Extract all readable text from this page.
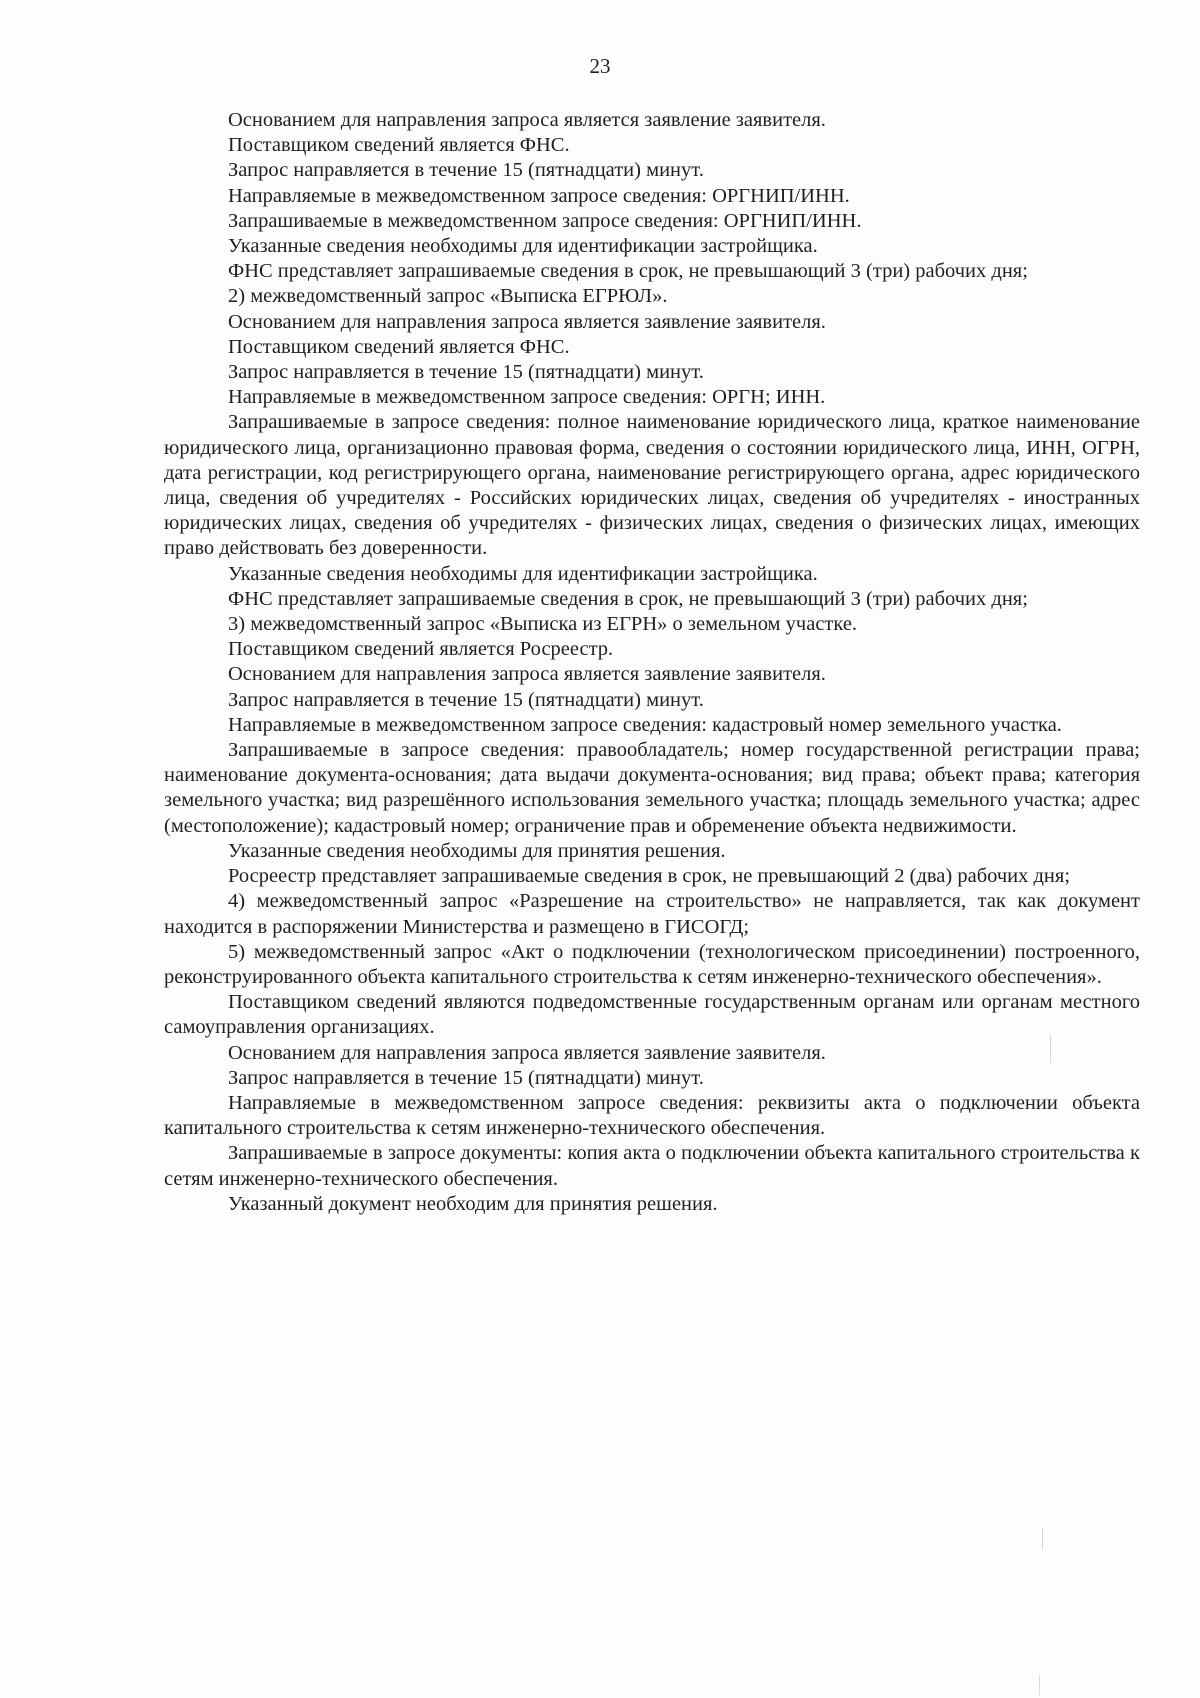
23

Основанием для направления запроса является заявление заявителя.

Поставщиком сведений является ФНС.

Запрос направляется в течение 15 (пятнадцати) минут.

Направляемые в межведомственном запросе сведения: ОРГНИП/ИНН.

Запрашиваемые в межведомственном запросе сведения: ОРГНИП/ИНН.

Указанные сведения необходимы для идентификации застройщика.

ФНС представляет запрашиваемые сведения в срок, не превышающий 3 (три) рабочих дня;

2) межведомственный запрос «Выписка ЕГРЮЛ».

Основанием для направления запроса является заявление заявителя.

Поставщиком сведений является ФНС.

Запрос направляется в течение 15 (пятнадцати) минут.

Направляемые в межведомственном запросе сведения: ОРГН; ИНН.

Запрашиваемые в запросе сведения: полное наименование юридического лица, краткое наименование юридического лица, организационно правовая форма, сведения о состоянии юридического лица, ИНН, ОГРН, дата регистрации, код регистрирующего органа, наименование регистрирующего органа, адрес юридического лица, сведения об учредителях - Российских юридических лицах, сведения об учредителях - иностранных юридических лицах, сведения об учредителях - физических лицах, сведения о физических лицах, имеющих право действовать без доверенности.

Указанные сведения необходимы для идентификации застройщика.

ФНС представляет запрашиваемые сведения в срок, не превышающий 3 (три) рабочих дня;

3) межведомственный запрос «Выписка из ЕГРН» о земельном участке.

Поставщиком сведений является Росреестр.

Основанием для направления запроса является заявление заявителя.

Запрос направляется в течение 15 (пятнадцати) минут.

Направляемые в межведомственном запросе сведения: кадастровый номер земельного участка.

Запрашиваемые в запросе сведения: правообладатель; номер государственной регистрации права; наименование документа-основания; дата выдачи документа-основания; вид права; объект права; категория земельного участка; вид разрешённого использования земельного участка; площадь земельного участка; адрес (местоположение); кадастровый номер; ограничение прав и обременение объекта недвижимости.

Указанные сведения необходимы для принятия решения.

Росреестр представляет запрашиваемые сведения в срок, не превышающий 2 (два) рабочих дня;

4) межведомственный запрос «Разрешение на строительство» не направляется, так как документ находится в распоряжении Министерства и размещено в ГИСОГД;

5) межведомственный запрос «Акт о подключении (технологическом присоединении) построенного, реконструированного объекта капитального строительства к сетям инженерно-технического обеспечения».

Поставщиком сведений являются подведомственные государственным органам или органам местного самоуправления организациях.

Основанием для направления запроса является заявление заявителя.

Запрос направляется в течение 15 (пятнадцати) минут.

Направляемые в межведомственном запросе сведения: реквизиты акта о подключении объекта капитального строительства к сетям инженерно-технического обеспечения.

Запрашиваемые в запросе документы: копия акта о подключении объекта капитального строительства к сетям инженерно-технического обеспечения.

Указанный документ необходим для принятия решения.
